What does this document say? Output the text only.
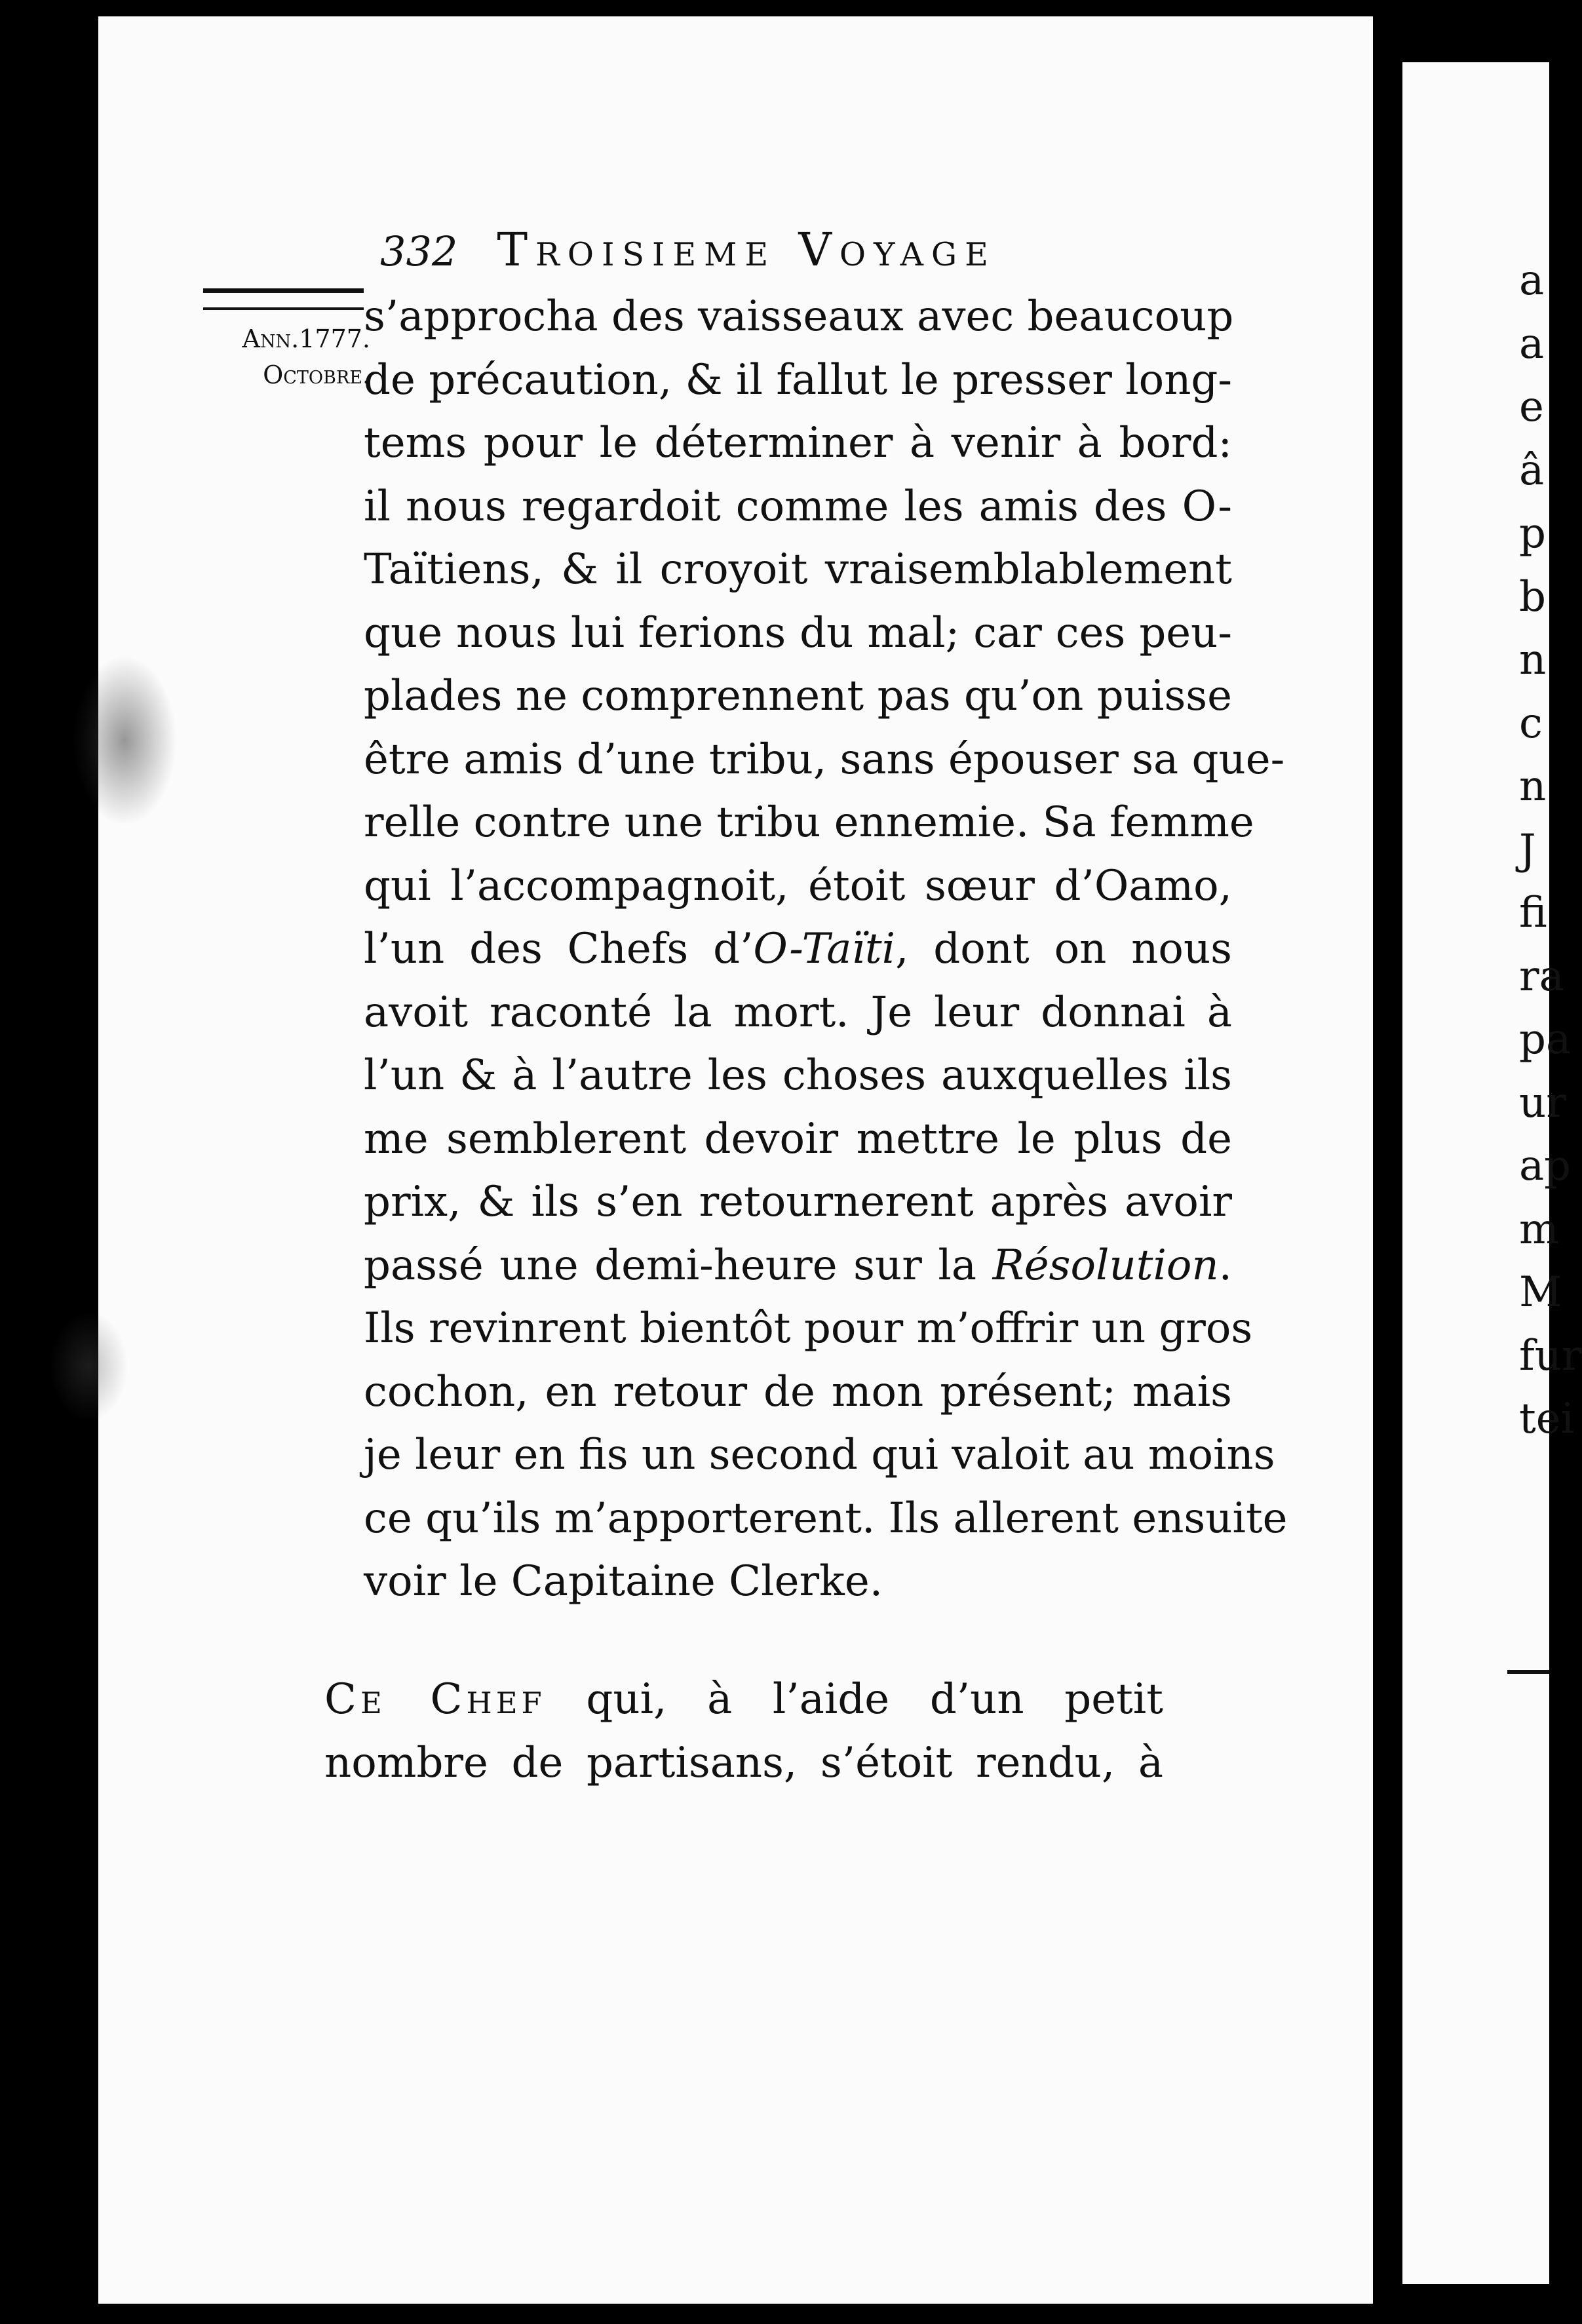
332 Troisieme Voyage
Ann.1777.
Octobre.
s’approcha des vaisseaux avec beaucoup
de précaution, & il fallut le presser long-
tems pour le déterminer à venir à bord:
il nous regardoit comme les amis des O-
Taïtiens, & il croyoit vraisemblablement
que nous lui ferions du mal; car ces peu-
plades ne comprennent pas qu’on puisse
être amis d’une tribu, sans épouser sa que-
relle contre une tribu ennemie. Sa femme
qui l’accompagnoit, étoit sœur d’Oamo,
l’un des Chefs d’O-Taïti, dont on nous
avoit raconté la mort. Je leur donnai à
l’un & à l’autre les choses auxquelles ils
me semblerent devoir mettre le plus de
prix, & ils s’en retournerent après avoir
passé une demi-heure sur la Résolution.
Ils revinrent bientôt pour m’offrir un gros
cochon, en retour de mon présent; mais
je leur en fis un second qui valoit au moins
ce qu’ils m’apporterent. Ils allerent ensuite
voir le Capitaine Clerke.
Ce Chef qui, à l’aide d’un petit
nombre de partisans, s’étoit rendu, à
a
a
e
â
p
b
n
c
n
J
fi
ra
pa
ur
ap
m
M
fur
tei
